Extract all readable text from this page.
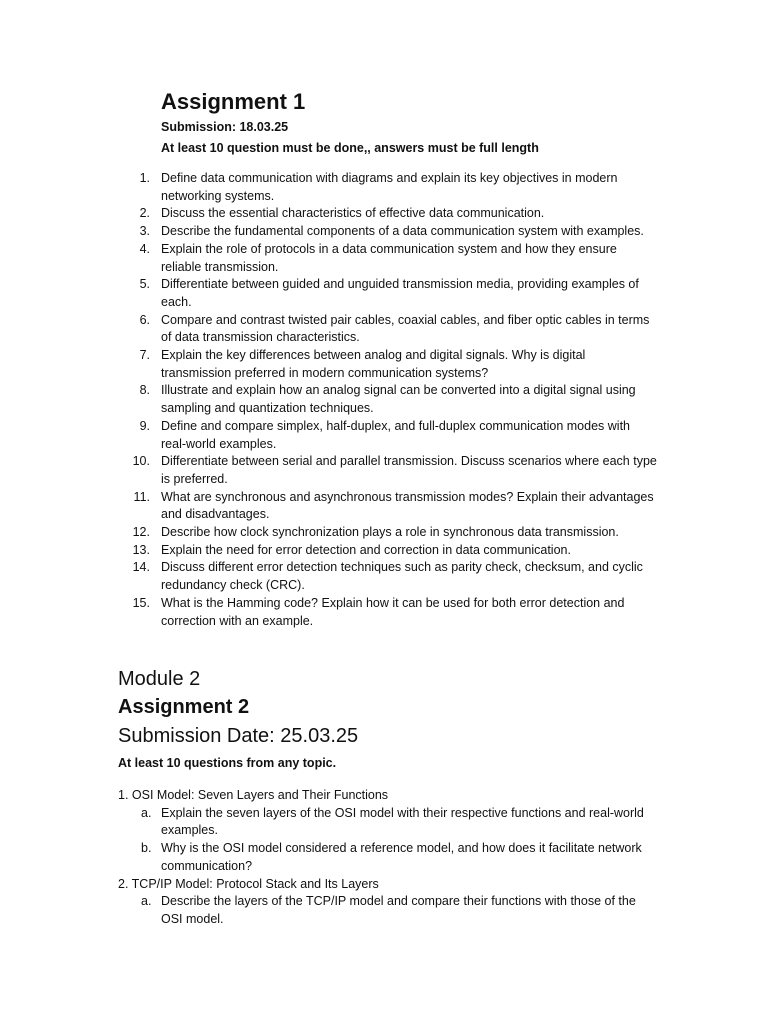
Assignment 1

Submission: 18.03.25

At least 10 question must be done,, answers must be full length

1. Define data communication with diagrams and explain its key objectives in modern networking systems.
2. Discuss the essential characteristics of effective data communication.
3. Describe the fundamental components of a data communication system with examples.
4. Explain the role of protocols in a data communication system and how they ensure reliable transmission.
5. Differentiate between guided and unguided transmission media, providing examples of each.
6. Compare and contrast twisted pair cables, coaxial cables, and fiber optic cables in terms of data transmission characteristics.
7. Explain the key differences between analog and digital signals. Why is digital transmission preferred in modern communication systems?
8. Illustrate and explain how an analog signal can be converted into a digital signal using sampling and quantization techniques.
9. Define and compare simplex, half-duplex, and full-duplex communication modes with real-world examples.
10. Differentiate between serial and parallel transmission. Discuss scenarios where each type is preferred.
11. What are synchronous and asynchronous transmission modes? Explain their advantages and disadvantages.
12. Describe how clock synchronization plays a role in synchronous data transmission.
13. Explain the need for error detection and correction in data communication.
14. Discuss different error detection techniques such as parity check, checksum, and cyclic redundancy check (CRC).
15. What is the Hamming code? Explain how it can be used for both error detection and correction with an example.

Module 2

Assignment 2

Submission Date: 25.03.25

At least 10 questions from any topic.

1. OSI Model: Seven Layers and Their Functions
a. Explain the seven layers of the OSI model with their respective functions and real-world examples.
b. Why is the OSI model considered a reference model, and how does it facilitate network communication?
2. TCP/IP Model: Protocol Stack and Its Layers
a. Describe the layers of the TCP/IP model and compare their functions with those of the OSI model.
